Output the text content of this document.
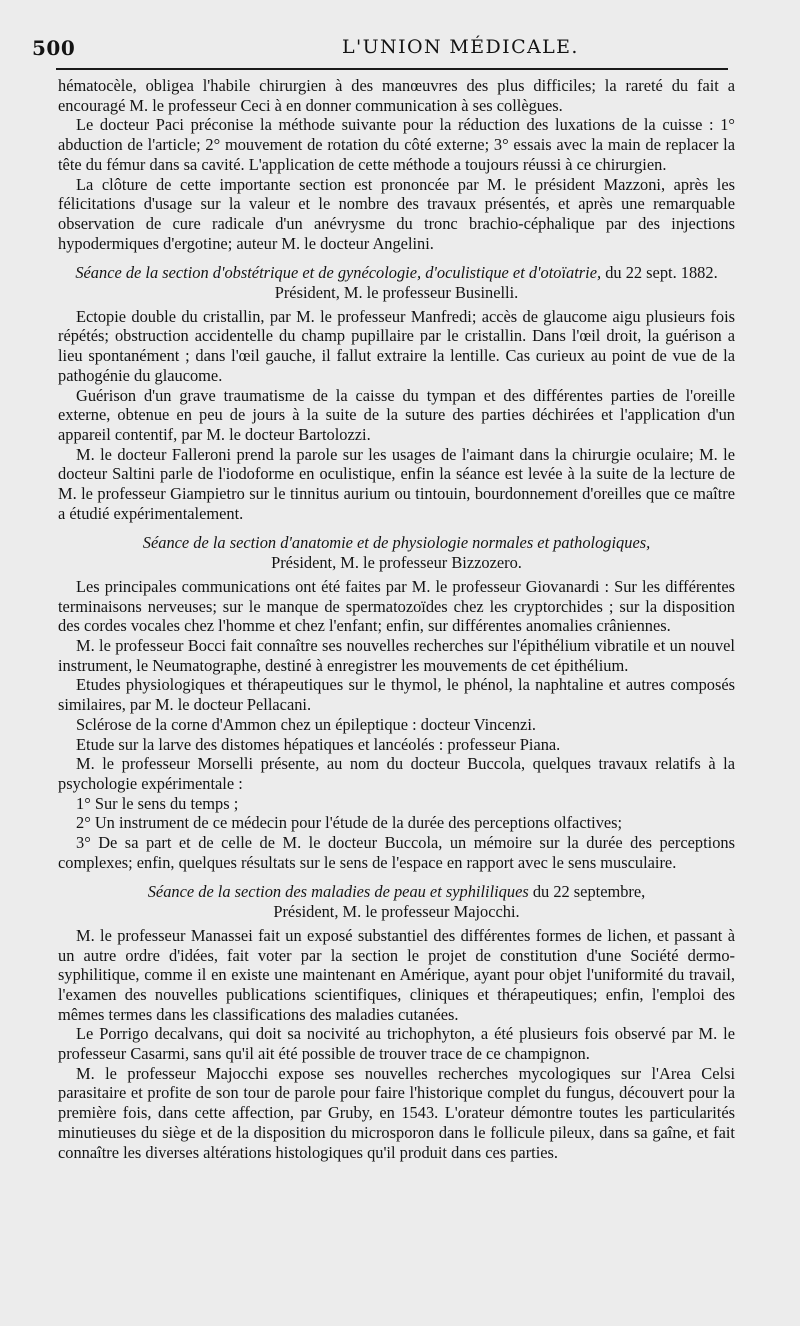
500	L'UNION MÉDICALE.

hématocèle, obligea l'habile chirurgien à des manœuvres des plus difficiles; la rareté du fait a encouragé M. le professeur Ceci à en donner communication à ses collègues.

Le docteur Paci préconise la méthode suivante pour la réduction des luxations de la cuisse : 1° abduction de l'article; 2° mouvement de rotation du côté externe; 3° essais avec la main de replacer la tête du fémur dans sa cavité. L'application de cette méthode a toujours réussi à ce chirurgien.

La clôture de cette importante section est prononcée par M. le président Mazzoni, après les félicitations d'usage sur la valeur et le nombre des travaux présentés, et après une remarquable observation de cure radicale d'un anévrysme du tronc brachio-céphalique par des injections hypodermiques d'ergotine; auteur M. le docteur Angelini.

Séance de la section d'obstétrique et de gynécologie, d'oculistique et d'otoïatrie, du 22 sept. 1882.
Président, M. le professeur Businelli.

Ectopie double du cristallin, par M. le professeur Manfredi; accès de glaucome aigu plusieurs fois répétés; obstruction accidentelle du champ pupillaire par le cristallin. Dans l'œil droit, la guérison a lieu spontanément ; dans l'œil gauche, il fallut extraire la lentille. Cas curieux au point de vue de la pathogénie du glaucome.

Guérison d'un grave traumatisme de la caisse du tympan et des différentes parties de l'oreille externe, obtenue en peu de jours à la suite de la suture des parties déchirées et l'application d'un appareil contentif, par M. le docteur Bartolozzi.

M. le docteur Falleroni prend la parole sur les usages de l'aimant dans la chirurgie oculaire; M. le docteur Saltini parle de l'iodoforme en oculistique, enfin la séance est levée à la suite de la lecture de M. le professeur Giampietro sur le tinnitus aurium ou tintouin, bourdonnement d'oreilles que ce maître a étudié expérimentalement.

Séance de la section d'anatomie et de physiologie normales et pathologiques,
Président, M. le professeur Bizzozero.

Les principales communications ont été faites par M. le professeur Giovanardi : Sur les différentes terminaisons nerveuses; sur le manque de spermatozoïdes chez les cryptorchides ; sur la disposition des cordes vocales chez l'homme et chez l'enfant; enfin, sur différentes anomalies crâniennes.

M. le professeur Bocci fait connaître ses nouvelles recherches sur l'épithélium vibratile et un nouvel instrument, le Neumatographe, destiné à enregistrer les mouvements de cet épithélium.

Etudes physiologiques et thérapeutiques sur le thymol, le phénol, la naphtaline et autres composés similaires, par M. le docteur Pellacani.

Sclérose de la corne d'Ammon chez un épileptique : docteur Vincenzi.

Etude sur la larve des distomes hépatiques et lancéolés : professeur Piana.

M. le professeur Morselli présente, au nom du docteur Buccola, quelques travaux relatifs à la psychologie expérimentale :

1° Sur le sens du temps ;

2° Un instrument de ce médecin pour l'étude de la durée des perceptions olfactives;

3° De sa part et de celle de M. le docteur Buccola, un mémoire sur la durée des perceptions complexes; enfin, quelques résultats sur le sens de l'espace en rapport avec le sens musculaire.

Séance de la section des maladies de peau et syphililiques du 22 septembre,
Président, M. le professeur Majocchi.

M. le professeur Manassei fait un exposé substantiel des différentes formes de lichen, et passant à un autre ordre d'idées, fait voter par la section le projet de constitution d'une Société dermo-syphilitique, comme il en existe une maintenant en Amérique, ayant pour objet l'uniformité du travail, l'examen des nouvelles publications scientifiques, cliniques et thérapeutiques; enfin, l'emploi des mêmes termes dans les classifications des maladies cutanées.

Le Porrigo decalvans, qui doit sa nocivité au trichophyton, a été plusieurs fois observé par M. le professeur Casarmi, sans qu'il ait été possible de trouver trace de ce champignon.

M. le professeur Majocchi expose ses nouvelles recherches mycologiques sur l'Area Celsi parasitaire et profite de son tour de parole pour faire l'historique complet du fungus, découvert pour la première fois, dans cette affection, par Gruby, en 1543. L'orateur démontre toutes les particularités minutieuses du siège et de la disposition du microsporon dans le follicule pileux, dans sa gaîne, et fait connaître les diverses altérations histologiques qu'il produit dans ces parties.
